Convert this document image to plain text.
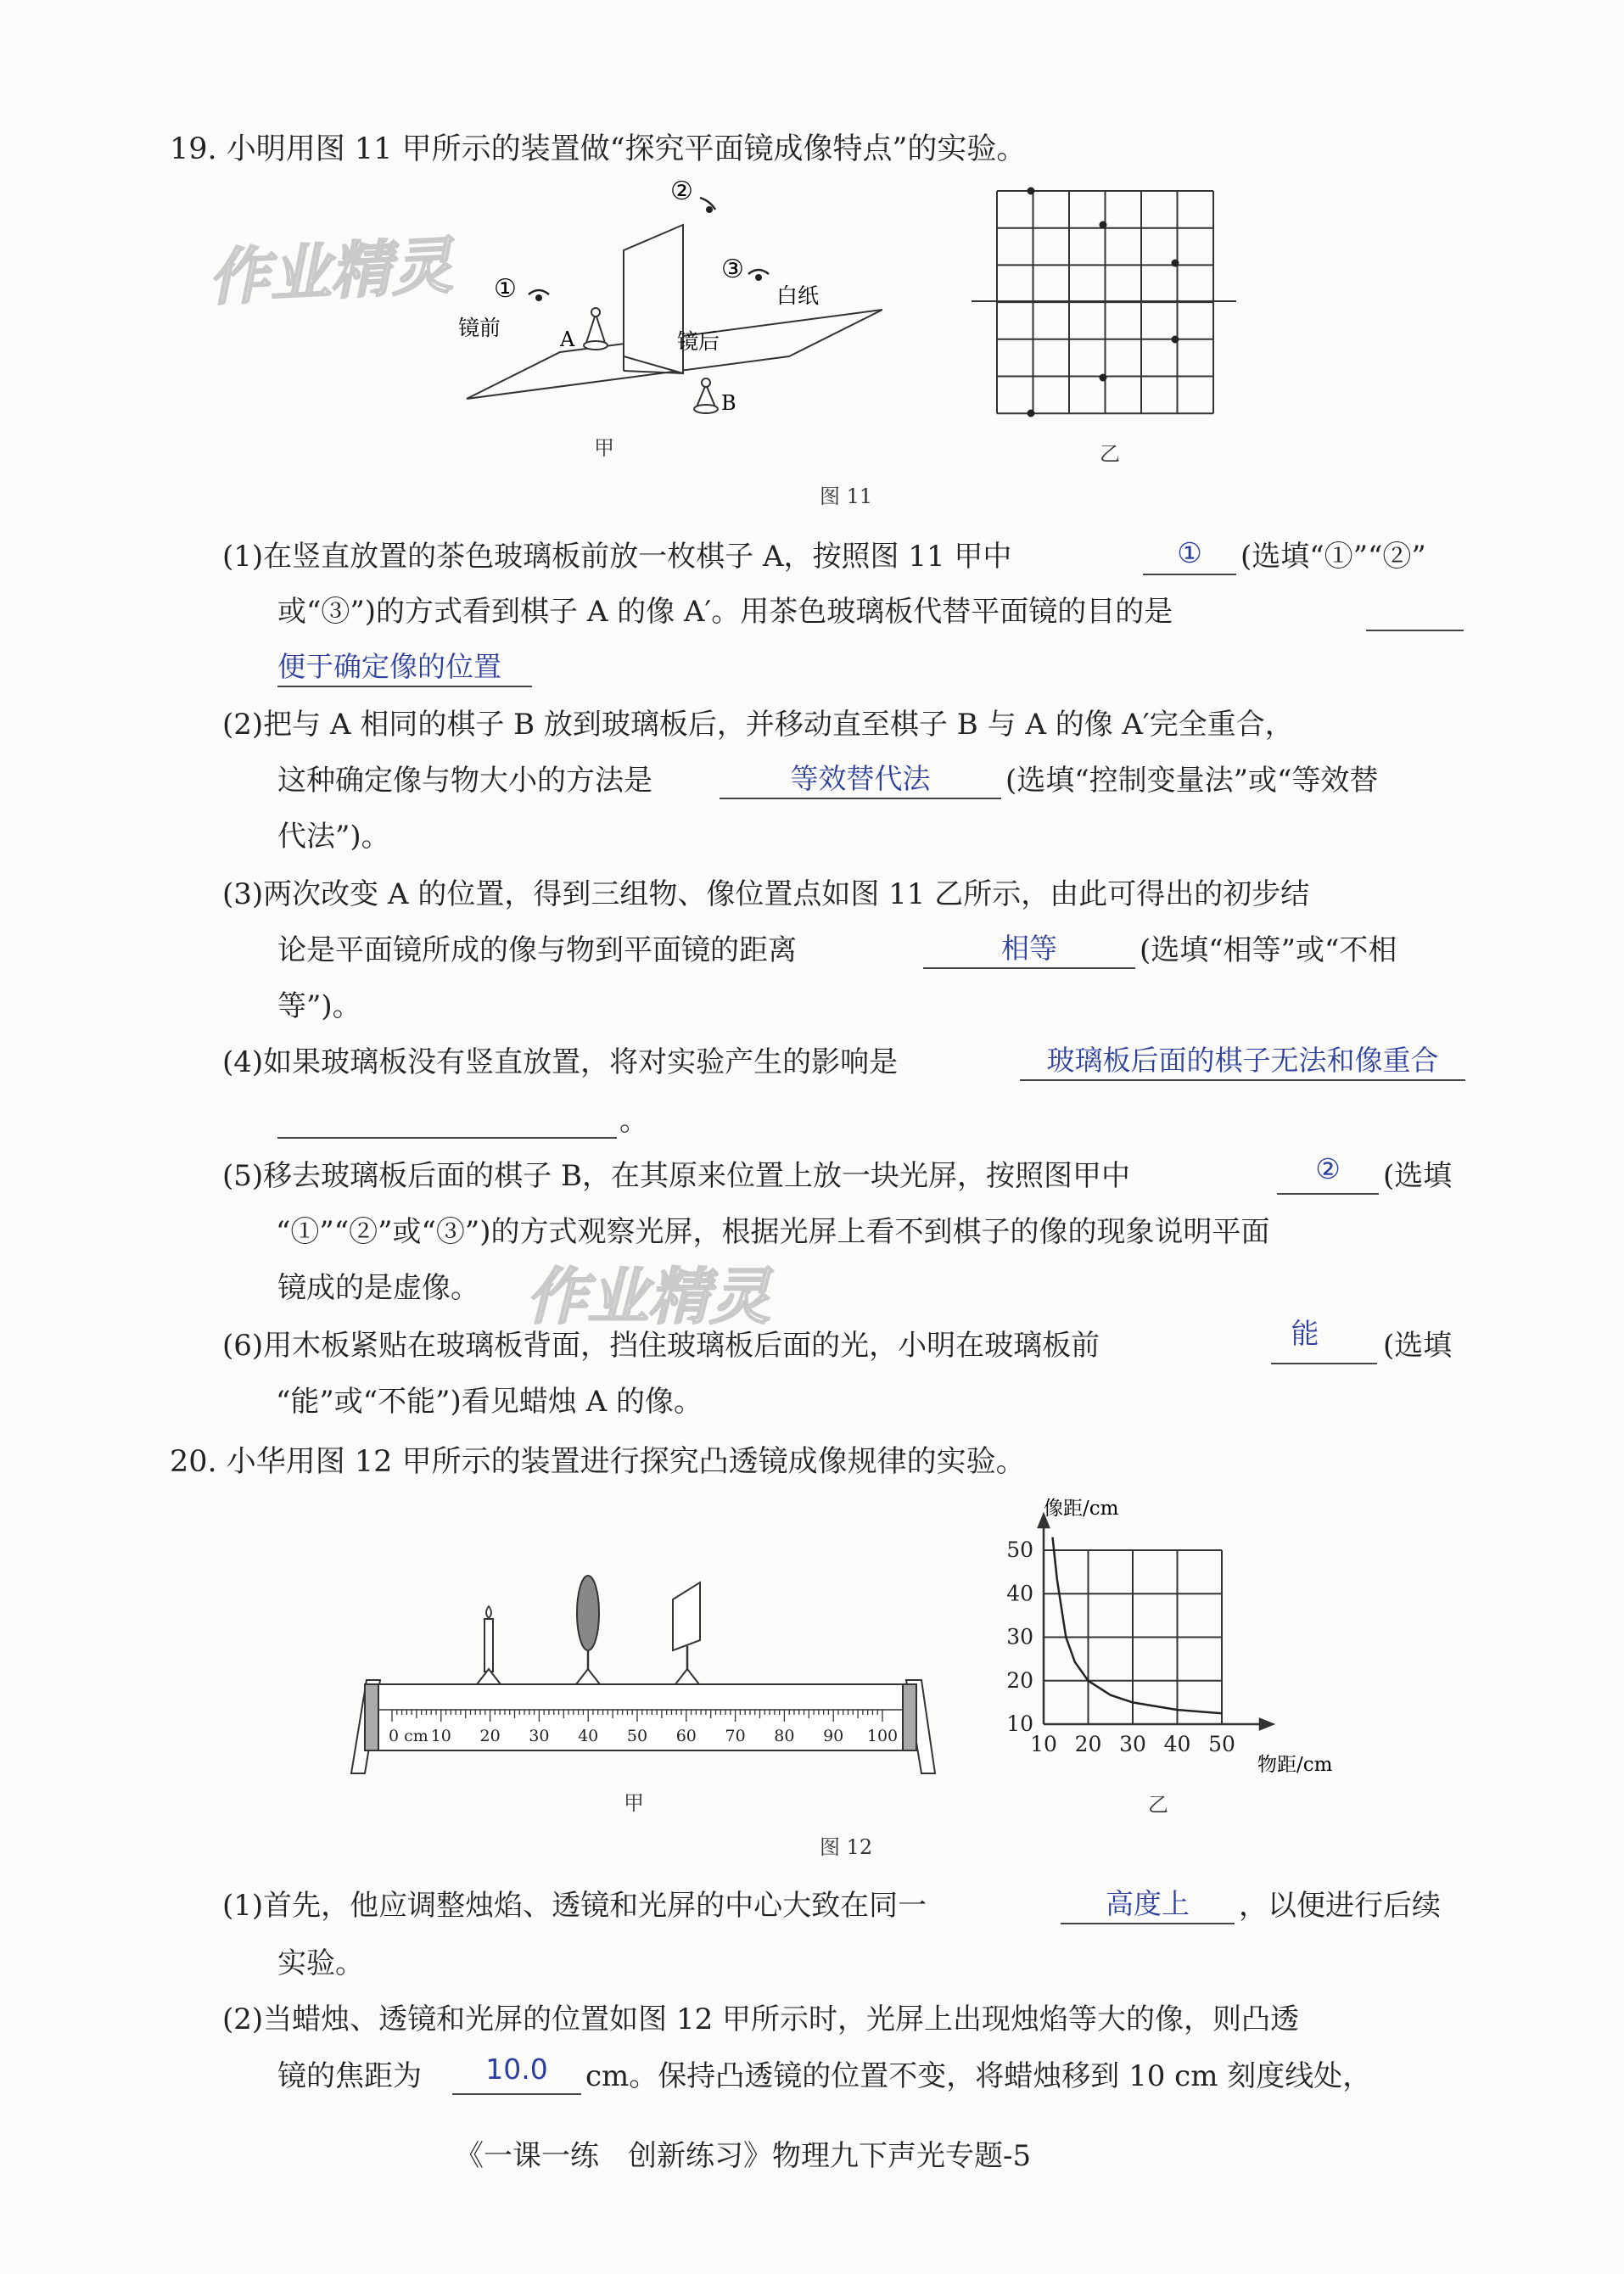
作业精灵
作业精灵
19. 小明用图 11 甲所示的装置做“探究平面镜成像特点”的实验。
①
②
③
镜前
镜后
白纸
A
B
甲	乙
图 11
(1)在竖直放置的茶色玻璃板前放一枚棋子 A，按照图 11 甲中	①	(选填“①”“②”
或“③”)的方式看到棋子 A 的像 A′。用茶色玻璃板代替平面镜的目的是
便于确定像的位置
(2)把与 A 相同的棋子 B 放到玻璃板后，并移动直至棋子 B 与 A 的像 A′完全重合，
这种确定像与物大小的方法是	等效替代法	(选填“控制变量法”或“等效替
代法”)。
(3)两次改变 A 的位置，得到三组物、像位置点如图 11 乙所示，由此可得出的初步结
论是平面镜所成的像与物到平面镜的距离	相等	(选填“相等”或“不相
等”)。
(4)如果玻璃板没有竖直放置，将对实验产生的影响是	玻璃板后面的棋子无法和像重合
。
(5)移去玻璃板后面的棋子 B，在其原来位置上放一块光屏，按照图甲中	②	(选填
“①”“②”或“③”)的方式观察光屏，根据光屏上看不到棋子的像的现象说明平面
镜成的是虚像。
(6)用木板紧贴在玻璃板背面，挡住玻璃板后面的光，小明在玻璃板前	能	(选填
“能”或“不能”)看见蜡烛 A 的像。
20. 小华用图 12 甲所示的装置进行探究凸透镜成像规律的实验。
0 cm 10 20 30 40 50 60 70 80 90 100
甲
10 20 30 40 50
10
20
30
40
50
像距/cm
物距/cm
乙
图 12
(1)首先，他应调整烛焰、透镜和光屏的中心大致在同一	高度上	，以便进行后续
实验。
(2)当蜡烛、透镜和光屏的位置如图 12 甲所示时，光屏上出现烛焰等大的像，则凸透
镜的焦距为	10.0	cm。保持凸透镜的位置不变，将蜡烛移到 10 cm 刻度线处，
《一课一练　创新练习》物理九下声光专题-5
